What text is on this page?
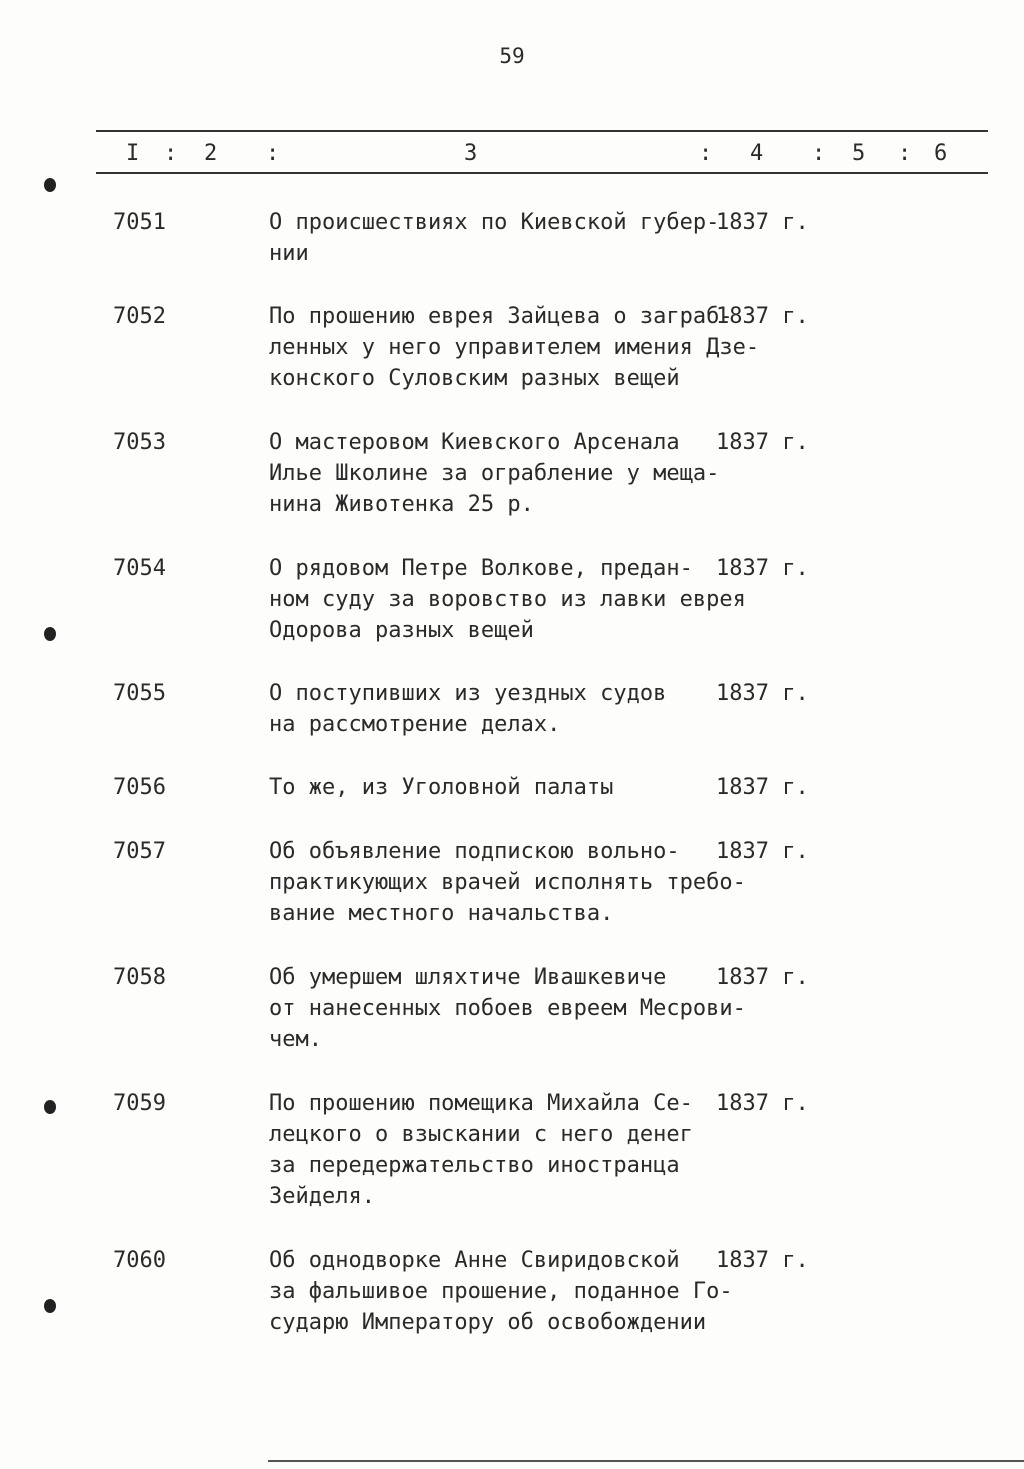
59
I : 2 :	3	: 4 : 5 : 6
7051	О происшествиях по Киевской губер-
нии
1837 г.
7052	По прошению еврея Зайцева о заграб-
ленных у него управителем имения Дзе-
конского Суловским разных вещей
1837 г.
7053	О мастеровом Киевского Арсенала
Илье Школине за ограбление у меща-
нина Животенка 25 р.
1837 г.
7054	О рядовом Петре Волкове, предан-
ном суду за воровство из лавки еврея
Одорова разных вещей
1837 г.
7055	О поступивших из уездных судов
на рассмотрение делах.
1837 г.
7056	То же, из Уголовной палаты	1837 г.
7057	Об объявление подпискою вольно-
практикующих врачей исполнять требо-
вание местного начальства.
1837 г.
7058	Об умершем шляхтиче Ивашкевиче
от нанесенных побоев евреем Месрови-
чем.
1837 г.
7059	По прошению помещика Михайла Се-
лецкого о взыскании с него денег
за передержательство иностранца
Зейделя.
1837 г.
7060	Об однодворке Анне Свиридовской
за фальшивое прошение, поданное Го-
сударю Императору об освобождении
1837 г.
